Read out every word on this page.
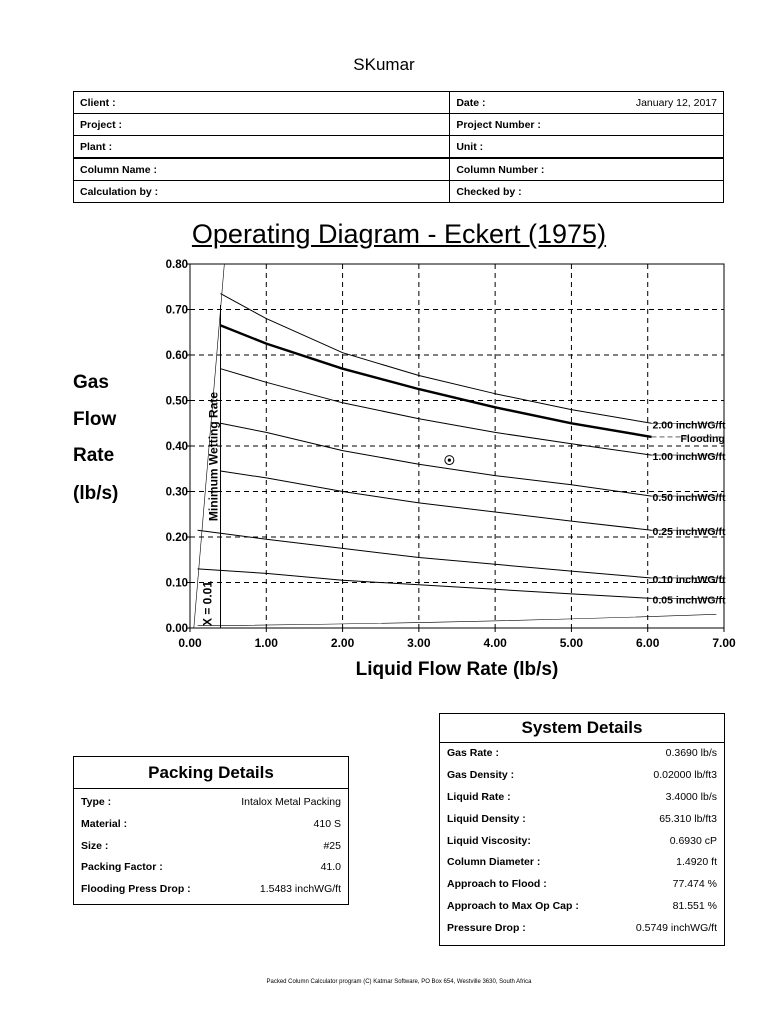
SKumar
Client :	Date : January 12, 2017

Project :	Project Number :

Plant :	Unit :

Column Name :	Column Number :

Calculation by :	Checked by :
Operating Diagram - Eckert (1975)
Gas
Flow
Rate
(lb/s)
0.00	1.00	2.00	3.00	4.00	5.00	6.00	7.00
0.00
0.10
0.20
0.30
0.40
0.50
0.60
0.70
0.80
2.00 inchWG/ft
Flooding
1.00 inchWG/ft
0.50 inchWG/ft
0.25 inchWG/ft
0.10 inchWG/ft
0.05 inchWG/ft
Minimum Wetting Rate
X = 0.01
Liquid Flow Rate (lb/s)
System Details
Gas Rate :	0.3690 lb/s
Gas Density :	0.02000 lb/ft3
Liquid Rate :	3.4000 lb/s
Liquid Density :	65.310 lb/ft3
Liquid Viscosity:	0.6930 cP
Column Diameter :	1.4920 ft
Approach to Flood :	77.474 %
Approach to Max Op Cap :	81.551 %
Pressure Drop :	0.5749 inchWG/ft
Packing Details
Type :	Intalox Metal Packing
Material :	410 S
Size :	#25
Packing Factor :	41.0
Flooding Press Drop :	1.5483 inchWG/ft
Packed Column Calculator program (C) Katmar Software, PO Box 654, Westville 3630, South Africa
